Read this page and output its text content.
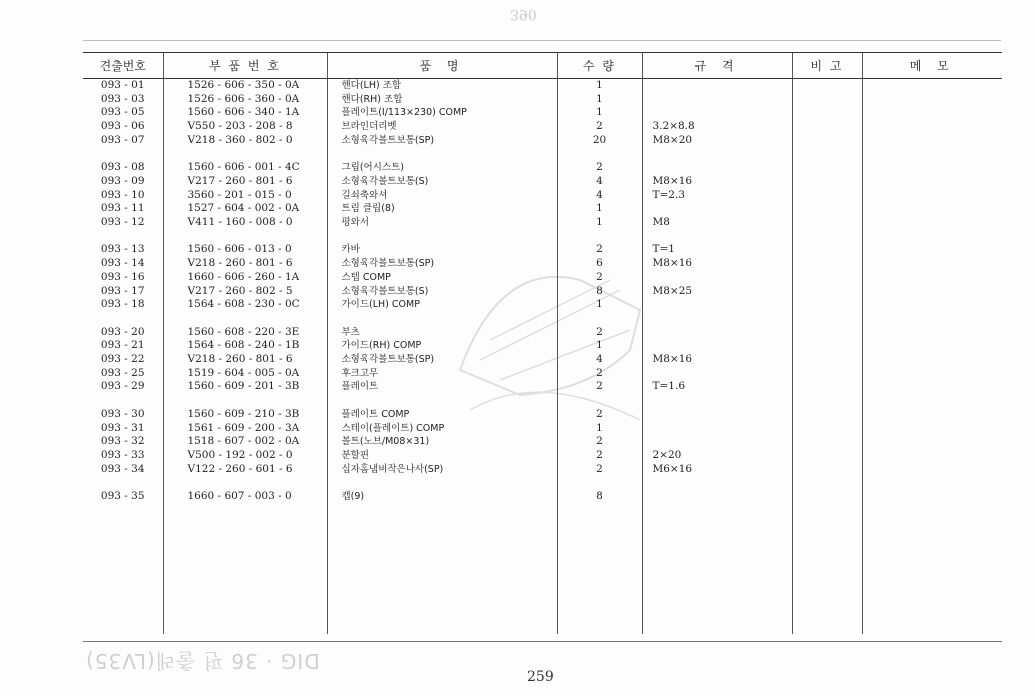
390
견출번호	부 품 번 호	품 명	수 량	규 격	비 고	메 모
093 - 01	1526 - 606 - 350 - 0A	핸다(LH) 조합	1			
093 - 03	1526 - 606 - 360 - 0A	핸다(RH) 조합	1			
093 - 05	1560 - 606 - 340 - 1A	플레이트(I/113×230) COMP	1			
093 - 06	V550 - 203 - 208 - 8	브라인더리벳	2	3.2×8.8		
093 - 07	V218 - 360 - 802 - 0	소형육각볼트보통(SP)	20	M8×20		

093 - 08	1560 - 606 - 001 - 4C	그립(어시스트)	2			
093 - 09	V217 - 260 - 801 - 6	소형육각볼트보통(S)	4	M8×16		
093 - 10	3560 - 201 - 015 - 0	길쇠축와셔	4	T=2.3		
093 - 11	1527 - 604 - 002 - 0A	트림 클립(8)	1			
093 - 12	V411 - 160 - 008 - 0	평와서	1	M8		

093 - 13	1560 - 606 - 013 - 0	카바	2	T=1		
093 - 14	V218 - 260 - 801 - 6	소형육각볼트보통(SP)	6	M8×16		
093 - 16	1660 - 606 - 260 - 1A	스텝 COMP	2			
093 - 17	V217 - 260 - 802 - 5	소형육각볼트보통(S)	8	M8×25		
093 - 18	1564 - 608 - 230 - 0C	가이드(LH) COMP	1			

093 - 20	1560 - 608 - 220 - 3E	부츠	2			
093 - 21	1564 - 608 - 240 - 1B	가이드(RH) COMP	1			
093 - 22	V218 - 260 - 801 - 6	소형육각볼트보통(SP)	4	M8×16		
093 - 25	1519 - 604 - 005 - 0A	후크고무	2			
093 - 29	1560 - 609 - 201 - 3B	플레이트	2	T=1.6		

093 - 30	1560 - 609 - 210 - 3B	플레이트 COMP	2			
093 - 31	1561 - 609 - 200 - 3A	스테이(플레이트) COMP	1			
093 - 32	1518 - 607 - 002 - 0A	볼트(노브/M08×31)	2			
093 - 33	V500 - 192 - 002 - 0	분할핀	2	2×20		
093 - 34	V122 - 260 - 601 - 6	십자홈냄비작은나사(SP)	2	M6×16		

093 - 35	1660 - 607 - 003 - 0	캡(9)	8			

DIG · 36 편 출레(LV35)
259
